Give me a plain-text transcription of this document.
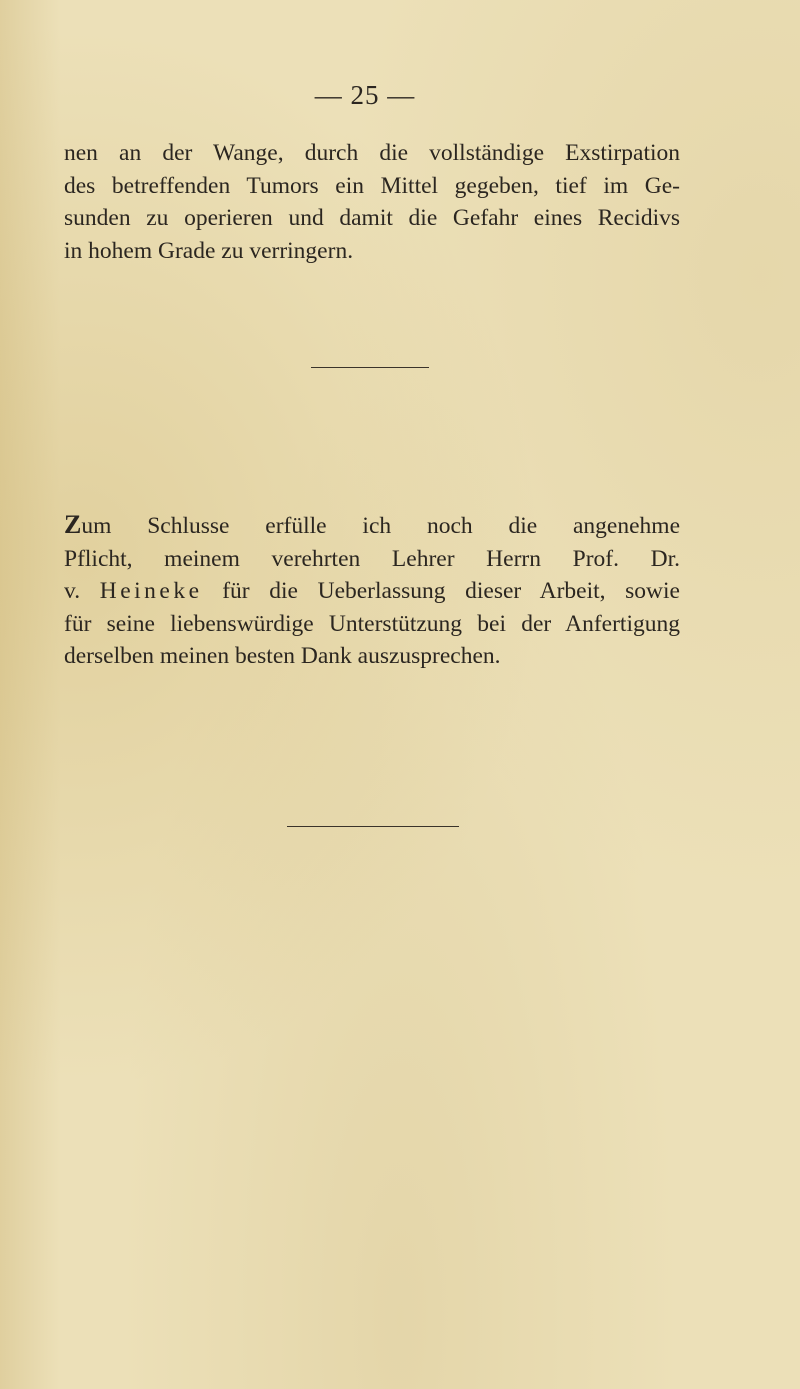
— 25 —
nen an der Wange, durch die vollständige Exstirpation
des betreffenden Tumors ein Mittel gegeben, tief im Ge-
sunden zu operieren und damit die Gefahr eines Recidivs
in hohem Grade zu verringern.
Zum Schlusse erfülle ich noch die angenehme
Pflicht, meinem verehrten Lehrer Herrn Prof. Dr.
v. Heineke für die Ueberlassung dieser Arbeit, sowie
für seine liebenswürdige Unterstützung bei der Anfertigung
derselben meinen besten Dank auszusprechen.
